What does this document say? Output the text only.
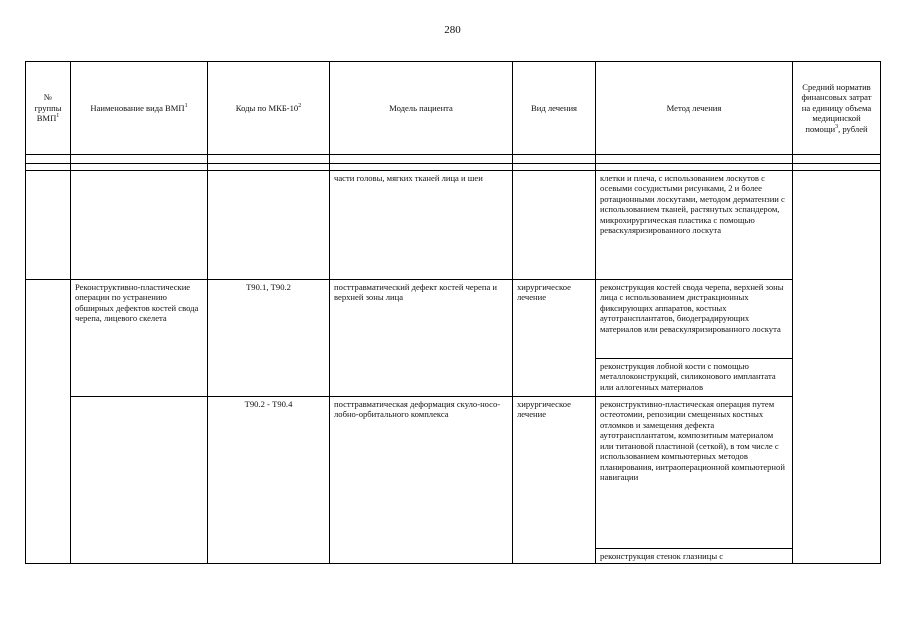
280
№ группы ВМП$^1$	Наименование вида ВМП$^1$	Коды по МКБ-$10^2$	Модель пациента	Вид лечения	Метод лечения	Средний норматив финансовых затрат на единицу объема медицинской помощи$^3$, рублей

			части головы, мягких тканей лица и шеи		клетки и плеча, с использованием лоскутов с осевыми сосудистыми рисунками, 2 и более ротационными лоскутами, методом дерматензии с использованием тканей, растянутых эспандером, микрохирургическая пластика с помощью реваскуляризированного лоскута	
	Реконструктивно-пластические операции по устранению обширных дефектов костей свода черепа, лицевого скелета	Т90.1, Т90.2	посттравматический дефект костей черепа и верхней зоны лица	хирургическое лечение	реконструкция костей свода черепа, верхней зоны лица с использованием дистракционных фиксирующих аппаратов, костных аутотрансплантатов, биодеградирующих материалов или реваскуляризированного лоскута	
					реконструкция лобной кости с помощью металлоконструкций, силиконового имплантата или аллогенных материалов	
		Т90.2 - Т90.4	посттравматическая деформация скуло-носо-лобно-орбитального комплекса	хирургическое лечение	реконструктивно-пластическая операция путем остеотомии, репозиции смещенных костных отломков и замещения дефекта аутотрансплантатом, композитным материалом или титановой пластиной (сеткой), в том числе с использованием компьютерных методов планирования, интраоперационной компьютерной навигации	
					реконструкция стенок глазницы с	
